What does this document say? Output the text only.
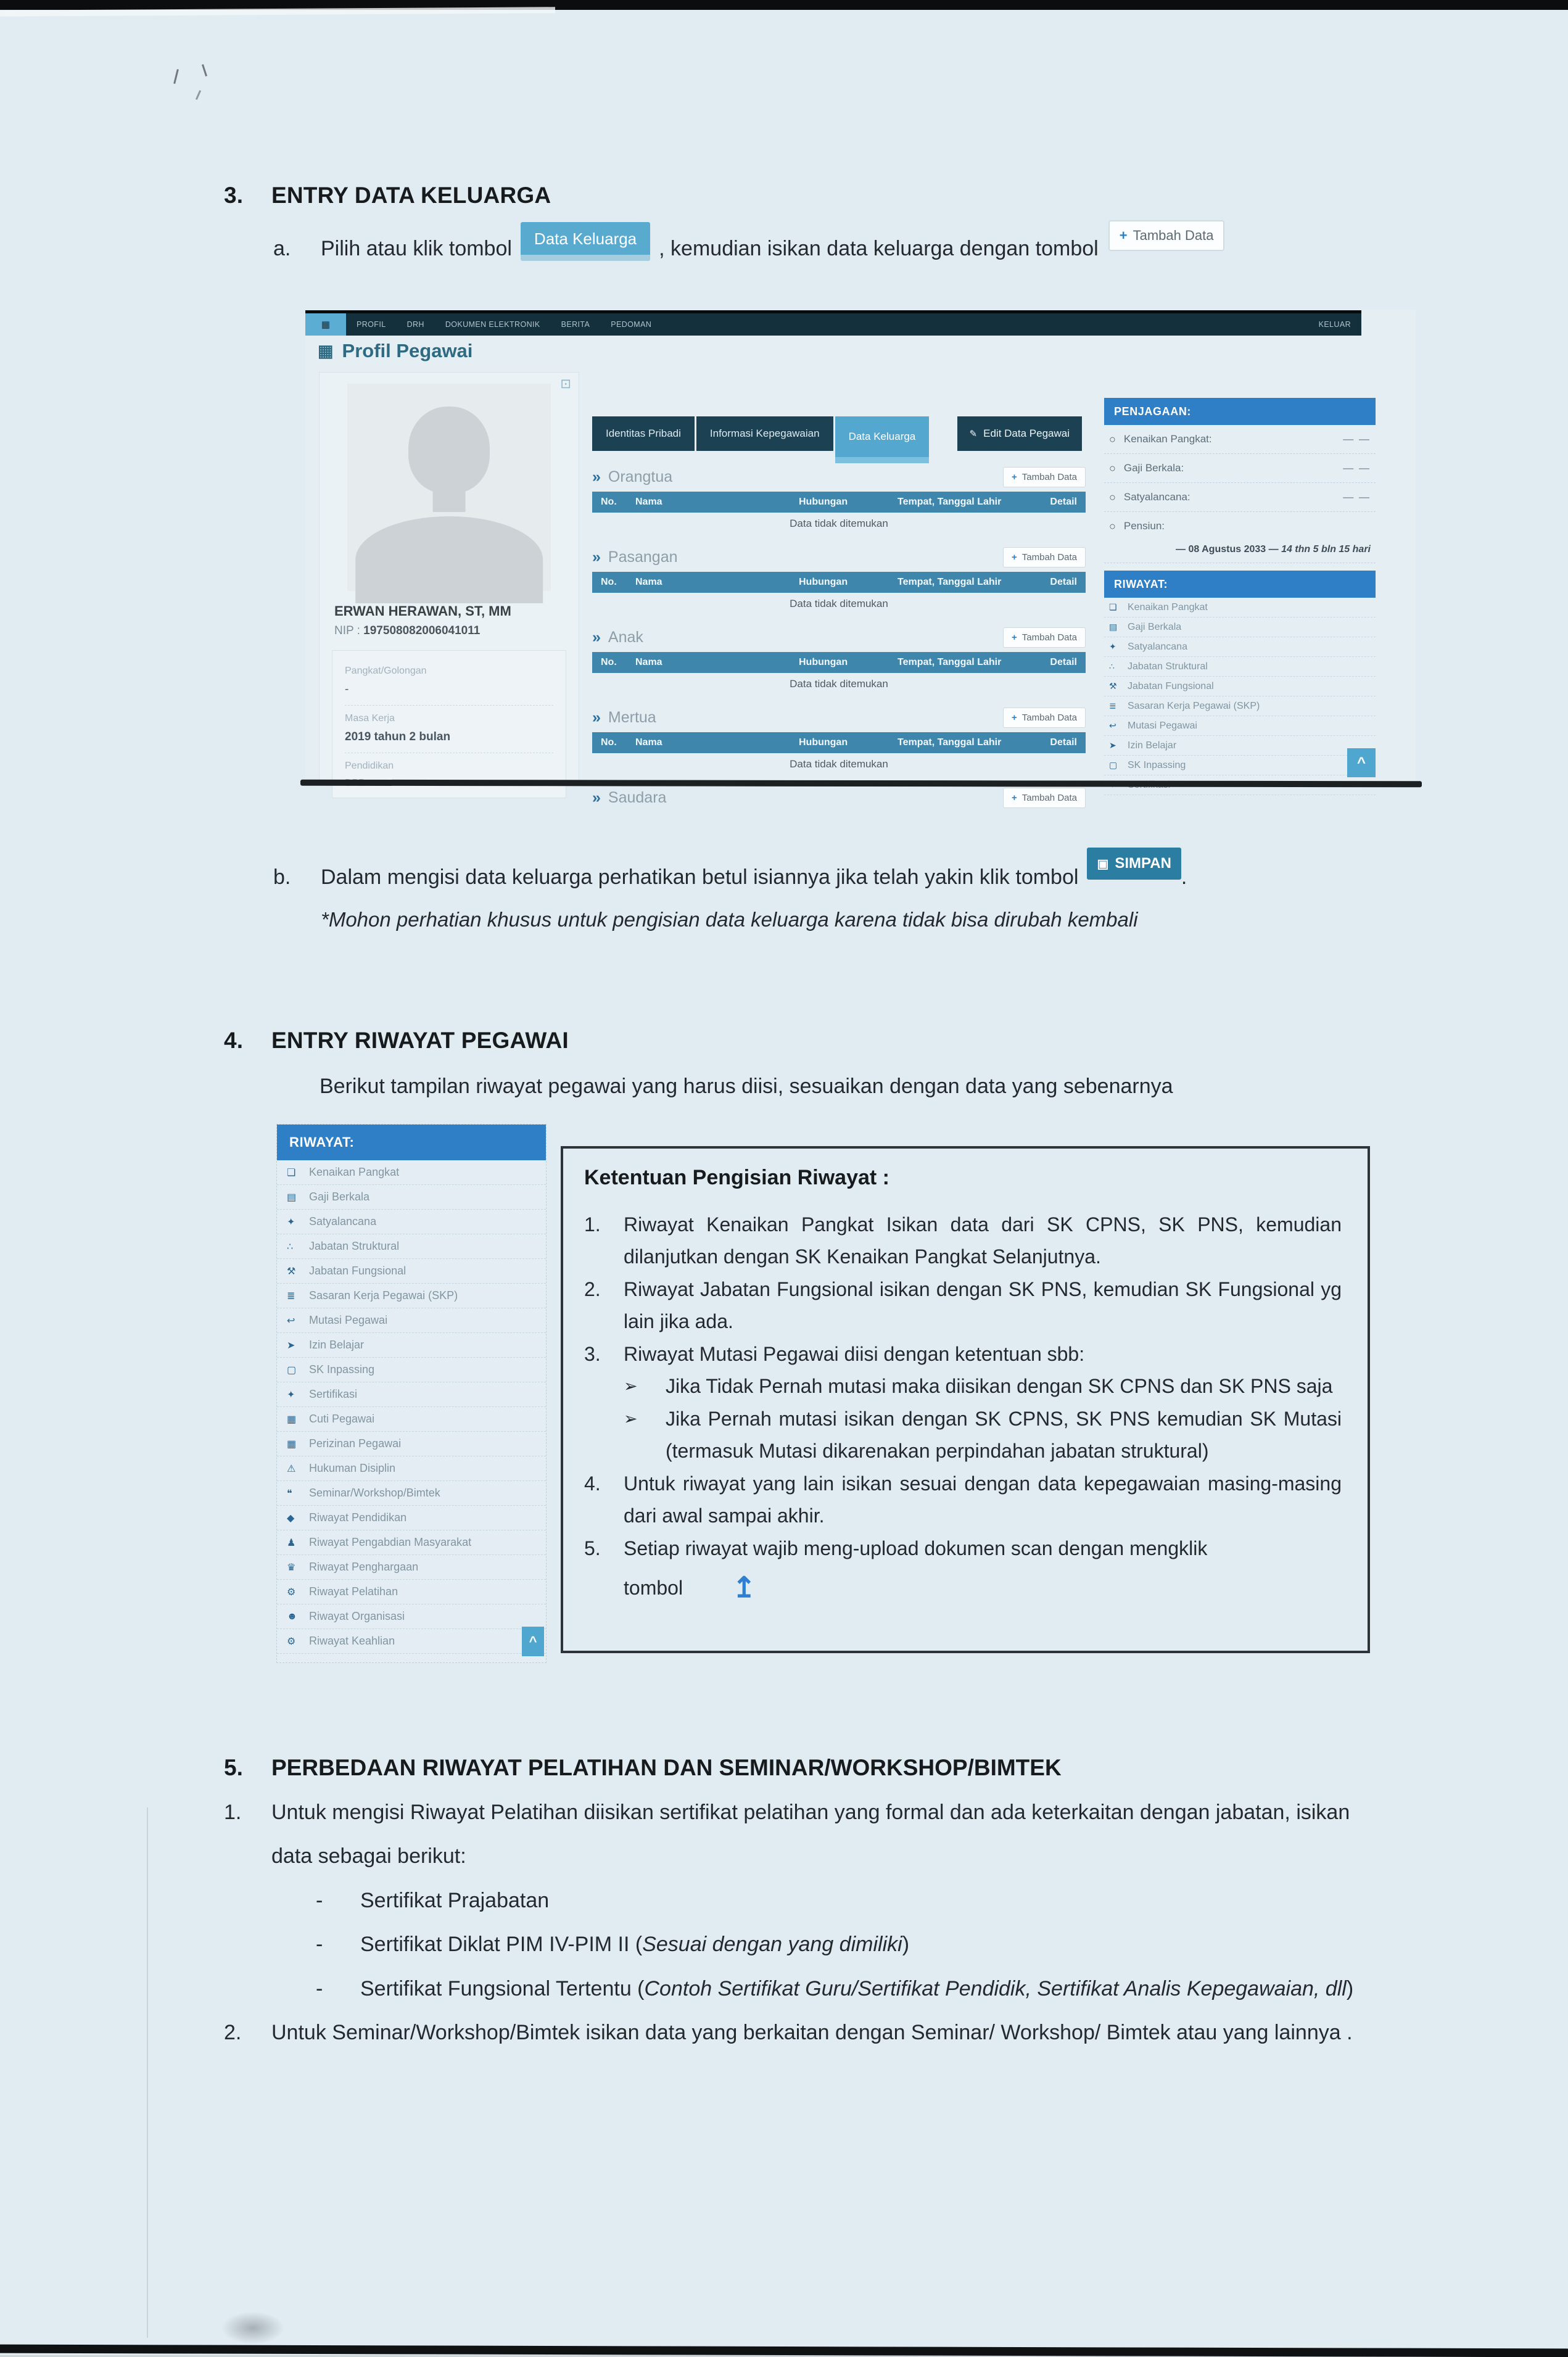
3.	ENTRY DATA KELUARGA
a.	Pilih atau klik tombol	Data Keluarga	, kemudian isikan data keluarga dengan tombol
+ Tambah Data
▦	PROFIL	DRH	DOKUMEN ELEKTRONIK	BERITA	PEDOMAN	KELUAR
▦ Profil Pegawai
⊡
ERWAN HERAWAN, ST, MM
NIP : 197508082006041011
Pangkat/Golongan
-
Masa Kerja
2019 tahun 2 bulan
Pendidikan
Identitas Pribadi	Informasi Kepegawaian	Data Keluarga	✎ Edit Data Pegawai
» Orangtua	+ Tambah Data
No.	Nama	Hubungan	Tempat, Tanggal Lahir	Detail
Data tidak ditemukan
» Pasangan	+ Tambah Data
No.	Nama	Hubungan	Tempat, Tanggal Lahir	Detail
Data tidak ditemukan
» Anak	+ Tambah Data
No.	Nama	Hubungan	Tempat, Tanggal Lahir	Detail
Data tidak ditemukan
» Mertua	+ Tambah Data
No.	Nama	Hubungan	Tempat, Tanggal Lahir	Detail
Data tidak ditemukan
» Saudara	+ Tambah Data
PENJAGAAN:
○ Kenaikan Pangkat:	— —
○ Gaji Berkala:	— —
○ Satyalancana:	— —
○ Pensiun:
— 08 Agustus 2033 — 14 thn 5 bln 15 hari
RIWAYAT:
❏	Kenaikan Pangkat
▤	Gaji Berkala
✦	Satyalancana
∴	Jabatan Struktural
⚒	Jabatan Fungsional
≣	Sasaran Kerja Pegawai (SKP)
↩	Mutasi Pegawai
➤	Izin Belajar
▢	SK Inpassing	^
b.	Dalam mengisi data keluarga perhatikan betul isiannya jika telah yakin klik tombol
▣ SIMPAN
.
*Mohon perhatian khusus untuk pengisian data keluarga karena tidak bisa dirubah kembali
4.	ENTRY RIWAYAT PEGAWAI
Berikut tampilan riwayat pegawai yang harus diisi, sesuaikan dengan data yang sebenarnya
RIWAYAT:
❏	Kenaikan Pangkat
▤	Gaji Berkala
✦	Satyalancana
∴	Jabatan Struktural
⚒	Jabatan Fungsional
≣	Sasaran Kerja Pegawai (SKP)
↩	Mutasi Pegawai
➤	Izin Belajar
▢	SK Inpassing
✦	Sertifikasi
▦	Cuti Pegawai
▦	Perizinan Pegawai
⚠	Hukuman Disiplin
❝	Seminar/Workshop/Bimtek
◆	Riwayat Pendidikan
♟	Riwayat Pengabdian Masyarakat
♛	Riwayat Penghargaan
⚙	Riwayat Pelatihan
☻	Riwayat Organisasi
⚙	Riwayat Keahlian	^
Ketentuan Pengisian Riwayat :
1.	Riwayat Kenaikan Pangkat Isikan data dari SK CPNS, SK PNS, kemudian dilanjutkan dengan SK Kenaikan Pangkat Selanjutnya.
2.	Riwayat Jabatan Fungsional isikan dengan SK PNS, kemudian SK Fungsional yg lain jika ada.
3.	Riwayat Mutasi Pegawai diisi dengan ketentuan sbb:
➢	Jika Tidak Pernah mutasi maka diisikan dengan SK CPNS dan SK PNS saja
➢	Jika Pernah mutasi isikan dengan SK CPNS, SK PNS kemudian SK Mutasi (termasuk Mutasi dikarenakan perpindahan jabatan struktural)
4.	Untuk riwayat yang lain isikan sesuai dengan data kepegawaian masing-masing dari awal sampai akhir.
5.	Setiap riwayat wajib meng-upload dokumen scan dengan mengklik
tombol ↥
5.	PERBEDAAN RIWAYAT PELATIHAN DAN SEMINAR/WORKSHOP/BIMTEK
1.	Untuk mengisi Riwayat Pelatihan diisikan sertifikat pelatihan yang formal dan ada keterkaitan dengan jabatan, isikan data sebagai berikut:
-	Sertifikat Prajabatan
-	Sertifikat Diklat PIM IV-PIM II (Sesuai dengan yang dimiliki)
-	Sertifikat Fungsional Tertentu (Contoh Sertifikat Guru/Sertifikat Pendidik, Sertifikat Analis Kepegawaian, dll)
2.	Untuk Seminar/Workshop/Bimtek isikan data yang berkaitan dengan Seminar/ Workshop/ Bimtek atau yang lainnya .
